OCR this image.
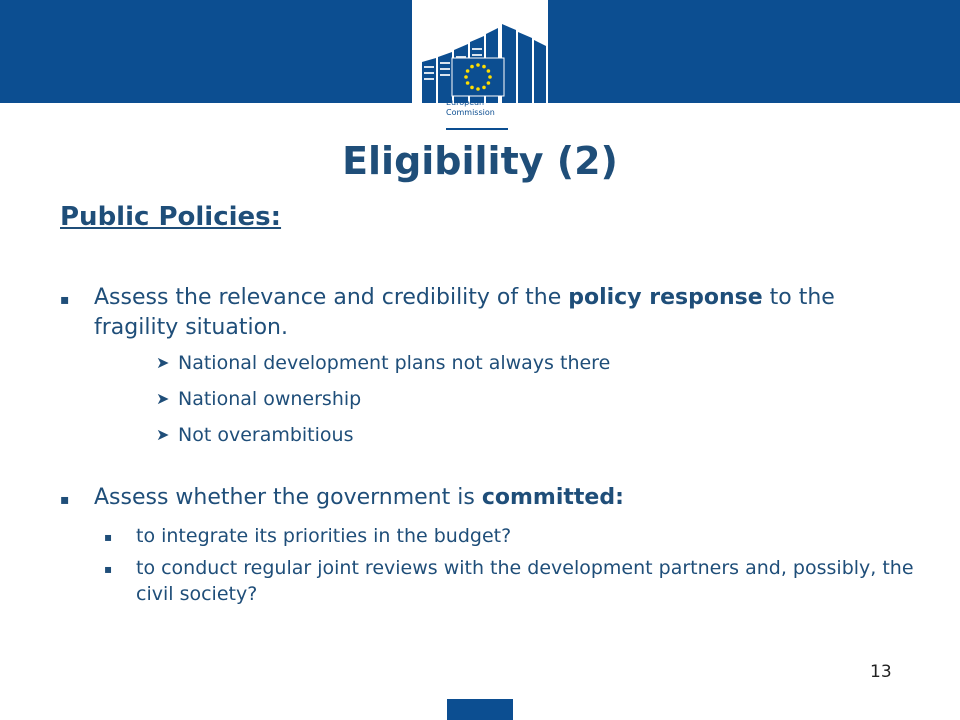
European
Commission
Eligibility (2)
Public Policies:
▪ Assess the relevance and credibility of the policy response to the fragility situation.
➤ National development plans not always there
➤ National ownership
➤ Not overambitious
▪ Assess whether the government is committed:
▪ to integrate its priorities in the budget?
▪ to conduct regular joint reviews with the development partners and, possibly, the civil society?
13
